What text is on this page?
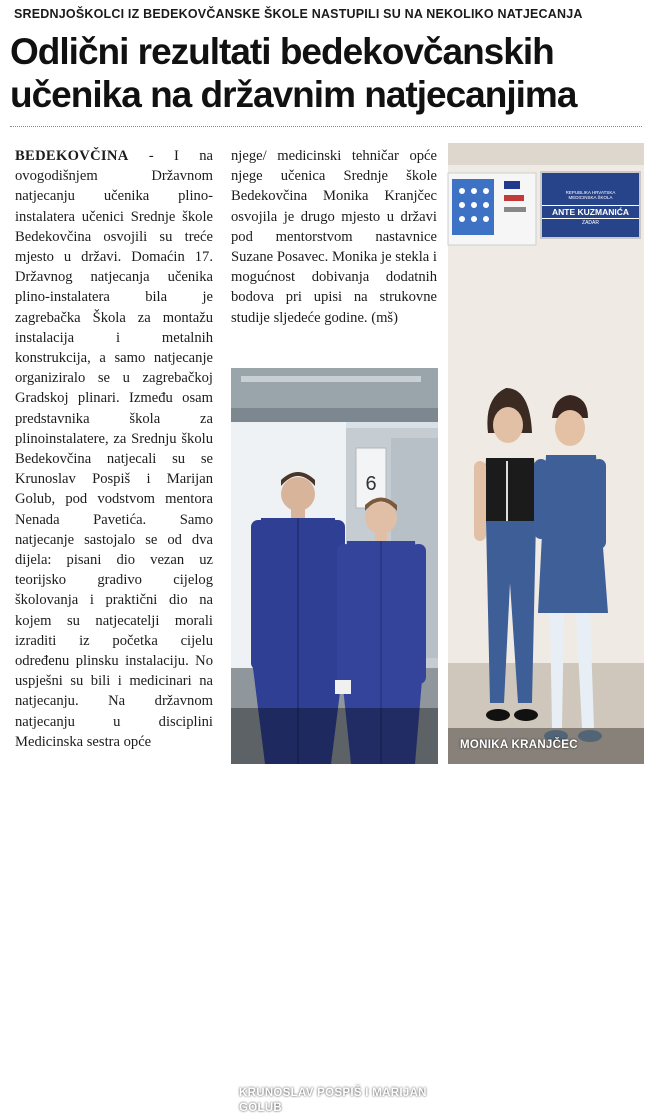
SREDNJOŠKOLCI IZ BEDEKOVČANSKE ŠKOLE NASTUPILI SU NA NEKOLIKO NATJECANJA
Odlični rezultati bedekovčanskih
učenika na državnim natjecanjima
BEDEKOVČINA - I na ovogodišnjem Državnom natjecanju učenika plino-instalatera učenici Srednje škole Bedekovčina osvojili su treće mjesto u državi. Domaćin 17. Državnog natjecanja učenika plino-instalatera bila je zagrebačka Škola za montažu instalacija i metalnih konstrukcija, a samo natjecanje organiziralo se u zagrebačkoj Gradskoj plinari. Između osam predstavnika škola za plinoinstalatere, za Srednju školu Bedekovčina natjecali su se Krunoslav Pospiš i Marijan Golub, pod vodstvom mentora Nenada Pavetića. Samo natjecanje sastojalo se od dva dijela: pisani dio vezan uz teorijsko gradivo cijelog školovanja i praktični dio na kojem su natjecatelji morali izraditi iz početka cijelu određenu plinsku instalaciju. No uspješni su bili i medicinari na natjecanju. Na državnom natjecanju u disciplini Medicinska sestra opće
njege/ medicinski tehničar opće njege učenica Srednje škole Bedekovčina Monika Kranjčec osvojila je drugo mjesto u državi pod mentorstvom nastavnice Suzane Posavec. Monika je stekla i mogućnost dobivanja dodatnih bodova pri upisi na strukovne studije sljedeće godine. (mš)
6
KRUNOSLAV POSPIŠ I MARIJAN GOLUB
REPUBLIKA HRVATSKA
MEDICINSKA ŠKOLA
ANTE KUZMANIĆA
ZADAR
MONIKA KRANJČEC
